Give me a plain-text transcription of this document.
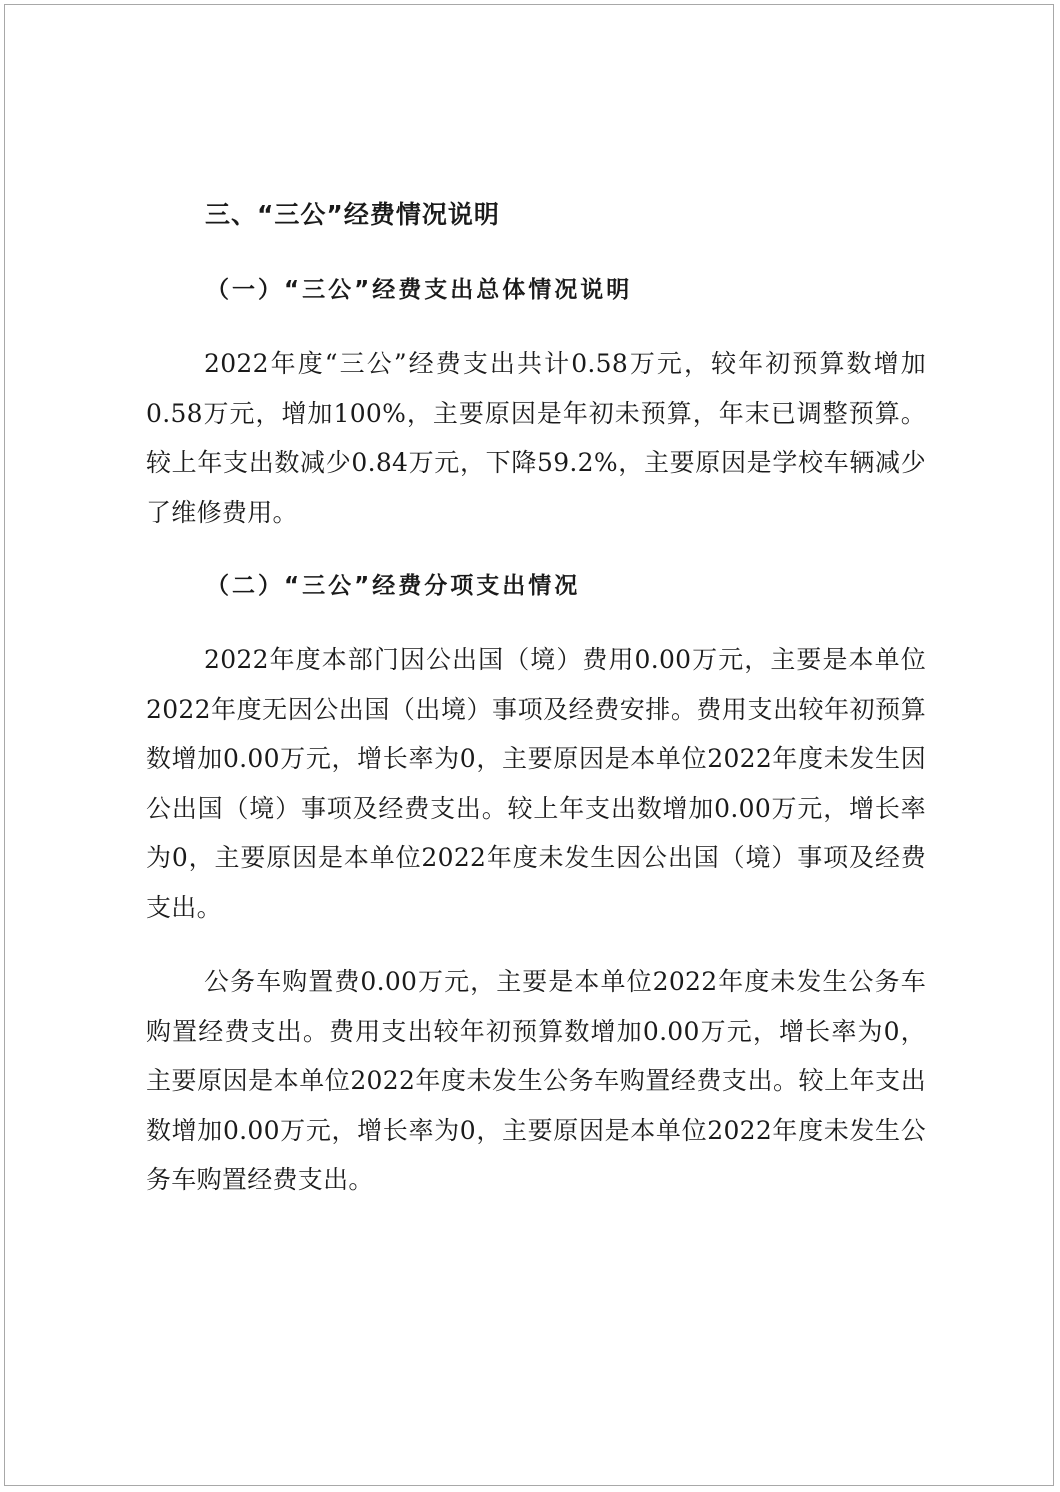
三、“三公”经费情况说明
（一）“三公”经费支出总体情况说明

2022年度“三公”经费支出共计0.58万元，较年初预算数增加0.58万元，增加100%，主要原因是年初未预算，年末已调整预算。较上年支出数减少0.84万元，下降59.2%，主要原因是学校车辆减少了维修费用。

（二）“三公”经费分项支出情况

2022年度本部门因公出国（境）费用0.00万元，主要是本单位2022年度无因公出国（出境）事项及经费安排。费用支出较年初预算数增加0.00万元，增长率为0，主要原因是本单位2022年度未发生因公出国（境）事项及经费支出。较上年支出数增加0.00万元，增长率为0，主要原因是本单位2022年度未发生因公出国（境）事项及经费支出。

公务车购置费0.00万元，主要是本单位2022年度未发生公务车购置经费支出。费用支出较年初预算数增加0.00万元，增长率为0，主要原因是本单位2022年度未发生公务车购置经费支出。较上年支出数增加0.00万元，增长率为0，主要原因是本单位2022年度未发生公务车购置经费支出。
